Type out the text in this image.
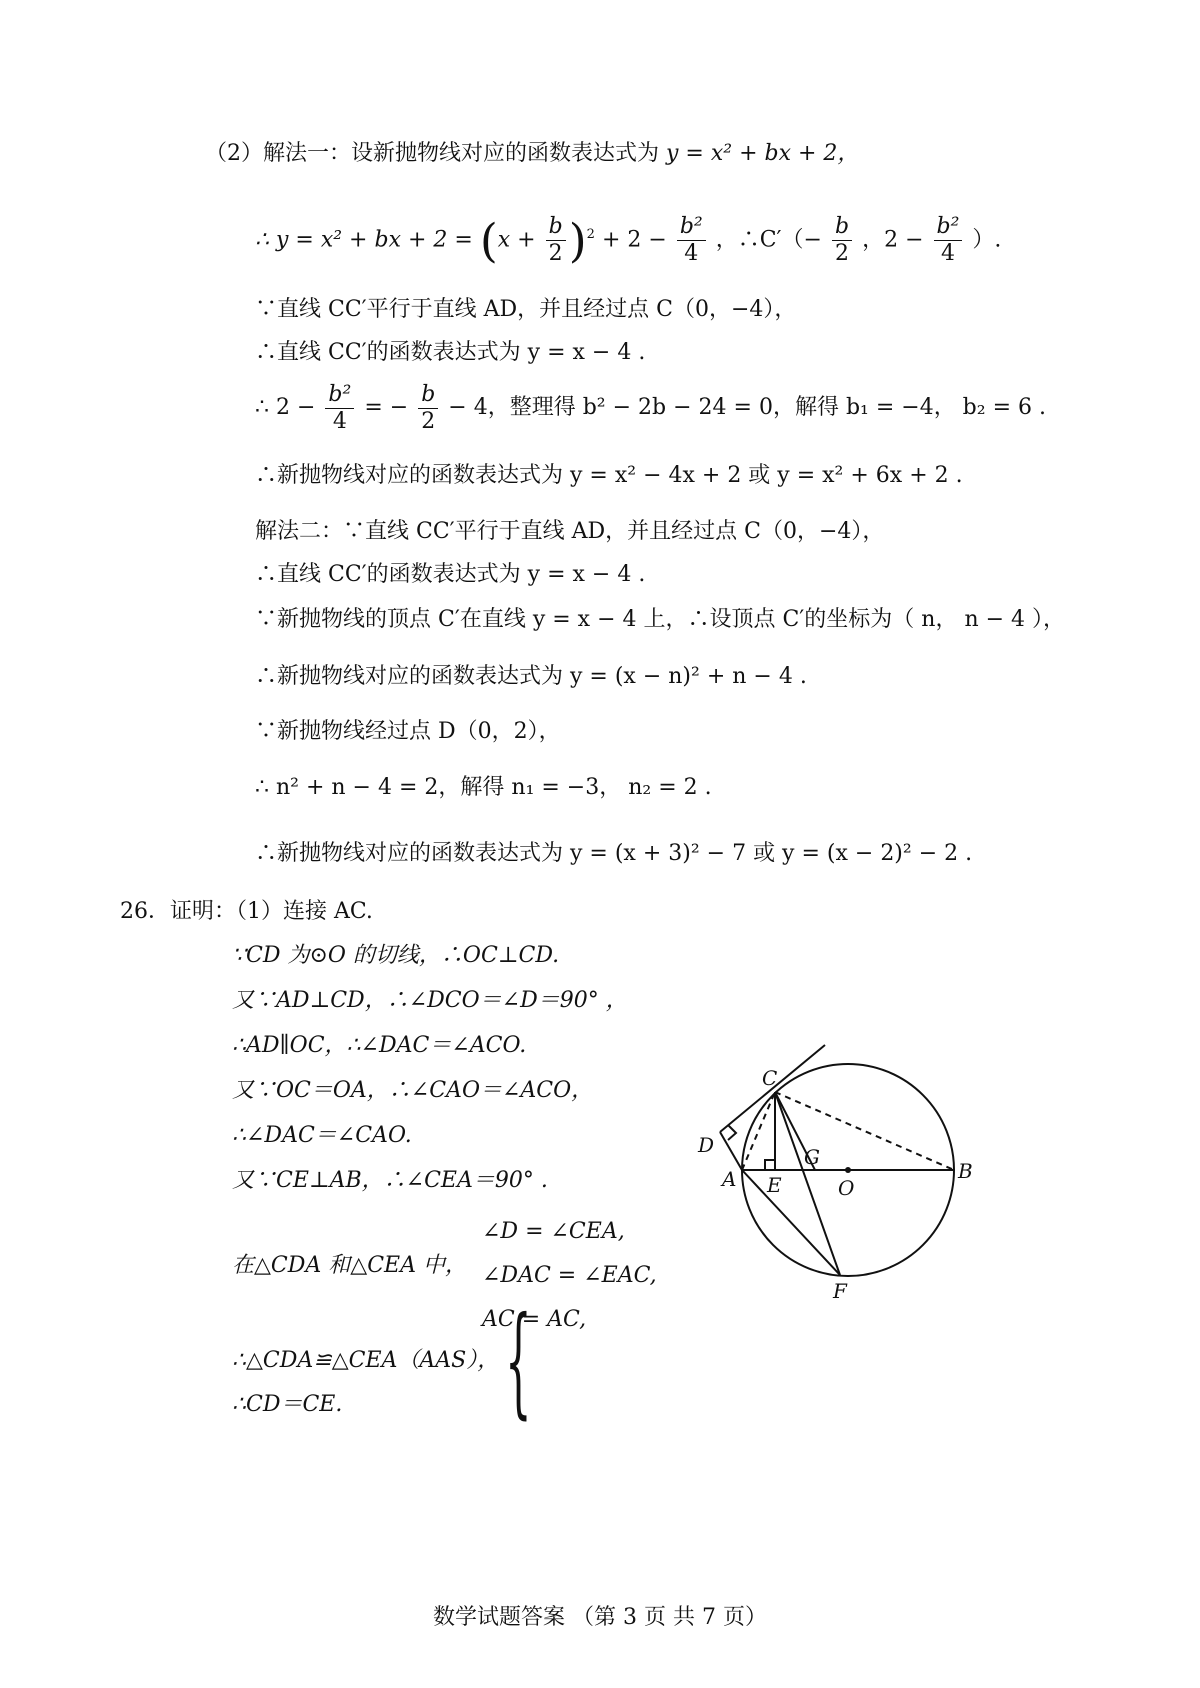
（2）解法一：设新抛物线对应的函数表达式为 y = x² + bx + 2，
∴ y = x² + bx + $2 = (x + \frac{b}{2} )^2 + 2 - \frac{\text{b²}}{4}$ ，∴C′（− $\frac{b}{2}$ ，$2 - \frac{\text{b²}}{4}$ ）.
∵直线 CC′平行于直线 AD，并且经过点 C（0，−4），
∴直线 CC′的函数表达式为 y = x − 4 .
∴ $2 - \frac{\text{b²}}{4}$ = − $\frac{b}{2} - 4$，整理得 b² − 2b − 24 = 0，解得 b₁ = −4， b₂ = 6 .
∴新抛物线对应的函数表达式为 y = x² − 4x + 2 或 y = x² + 6x + 2 .
解法二：∵直线 CC′平行于直线 AD，并且经过点 C（0，−4），
∴直线 CC′的函数表达式为 y = x − 4 .
∵新抛物线的顶点 C′在直线 y = x − 4 上，∴设顶点 C′的坐标为（ n， n − 4 ），
∴新抛物线对应的函数表达式为 y = (x − n)² + n − 4 .
∵新抛物线经过点 D（0，2），
∴ n² + n − 4 = 2，解得 n₁ = −3， n₂ = 2 .
∴新抛物线对应的函数表达式为 y = (x + 3)² − 7 或 y = (x − 2)² − 2 .
26．证明：（1）连接 AC.
∵CD 为⊙O 的切线，∴OC⊥CD.
又∵AD⊥CD，∴∠DCO＝∠D＝90° ，
∴AD∥OC，∴∠DAC＝∠ACO.
又∵OC＝OA，∴∠CAO＝∠ACO，
∴∠DAC＝∠CAO.
又∵CE⊥AB，∴∠CEA＝90° .
在△CDA 和△CEA 中，
{
∠D = ∠CEA,
∠DAC = ∠EAC,
AC = AC,
∴△CDA≌△CEA（AAS），
∴CD＝CE.
C
D
A E
G
O
B
F
数学试题答案 （第 3 页 共 7 页）
